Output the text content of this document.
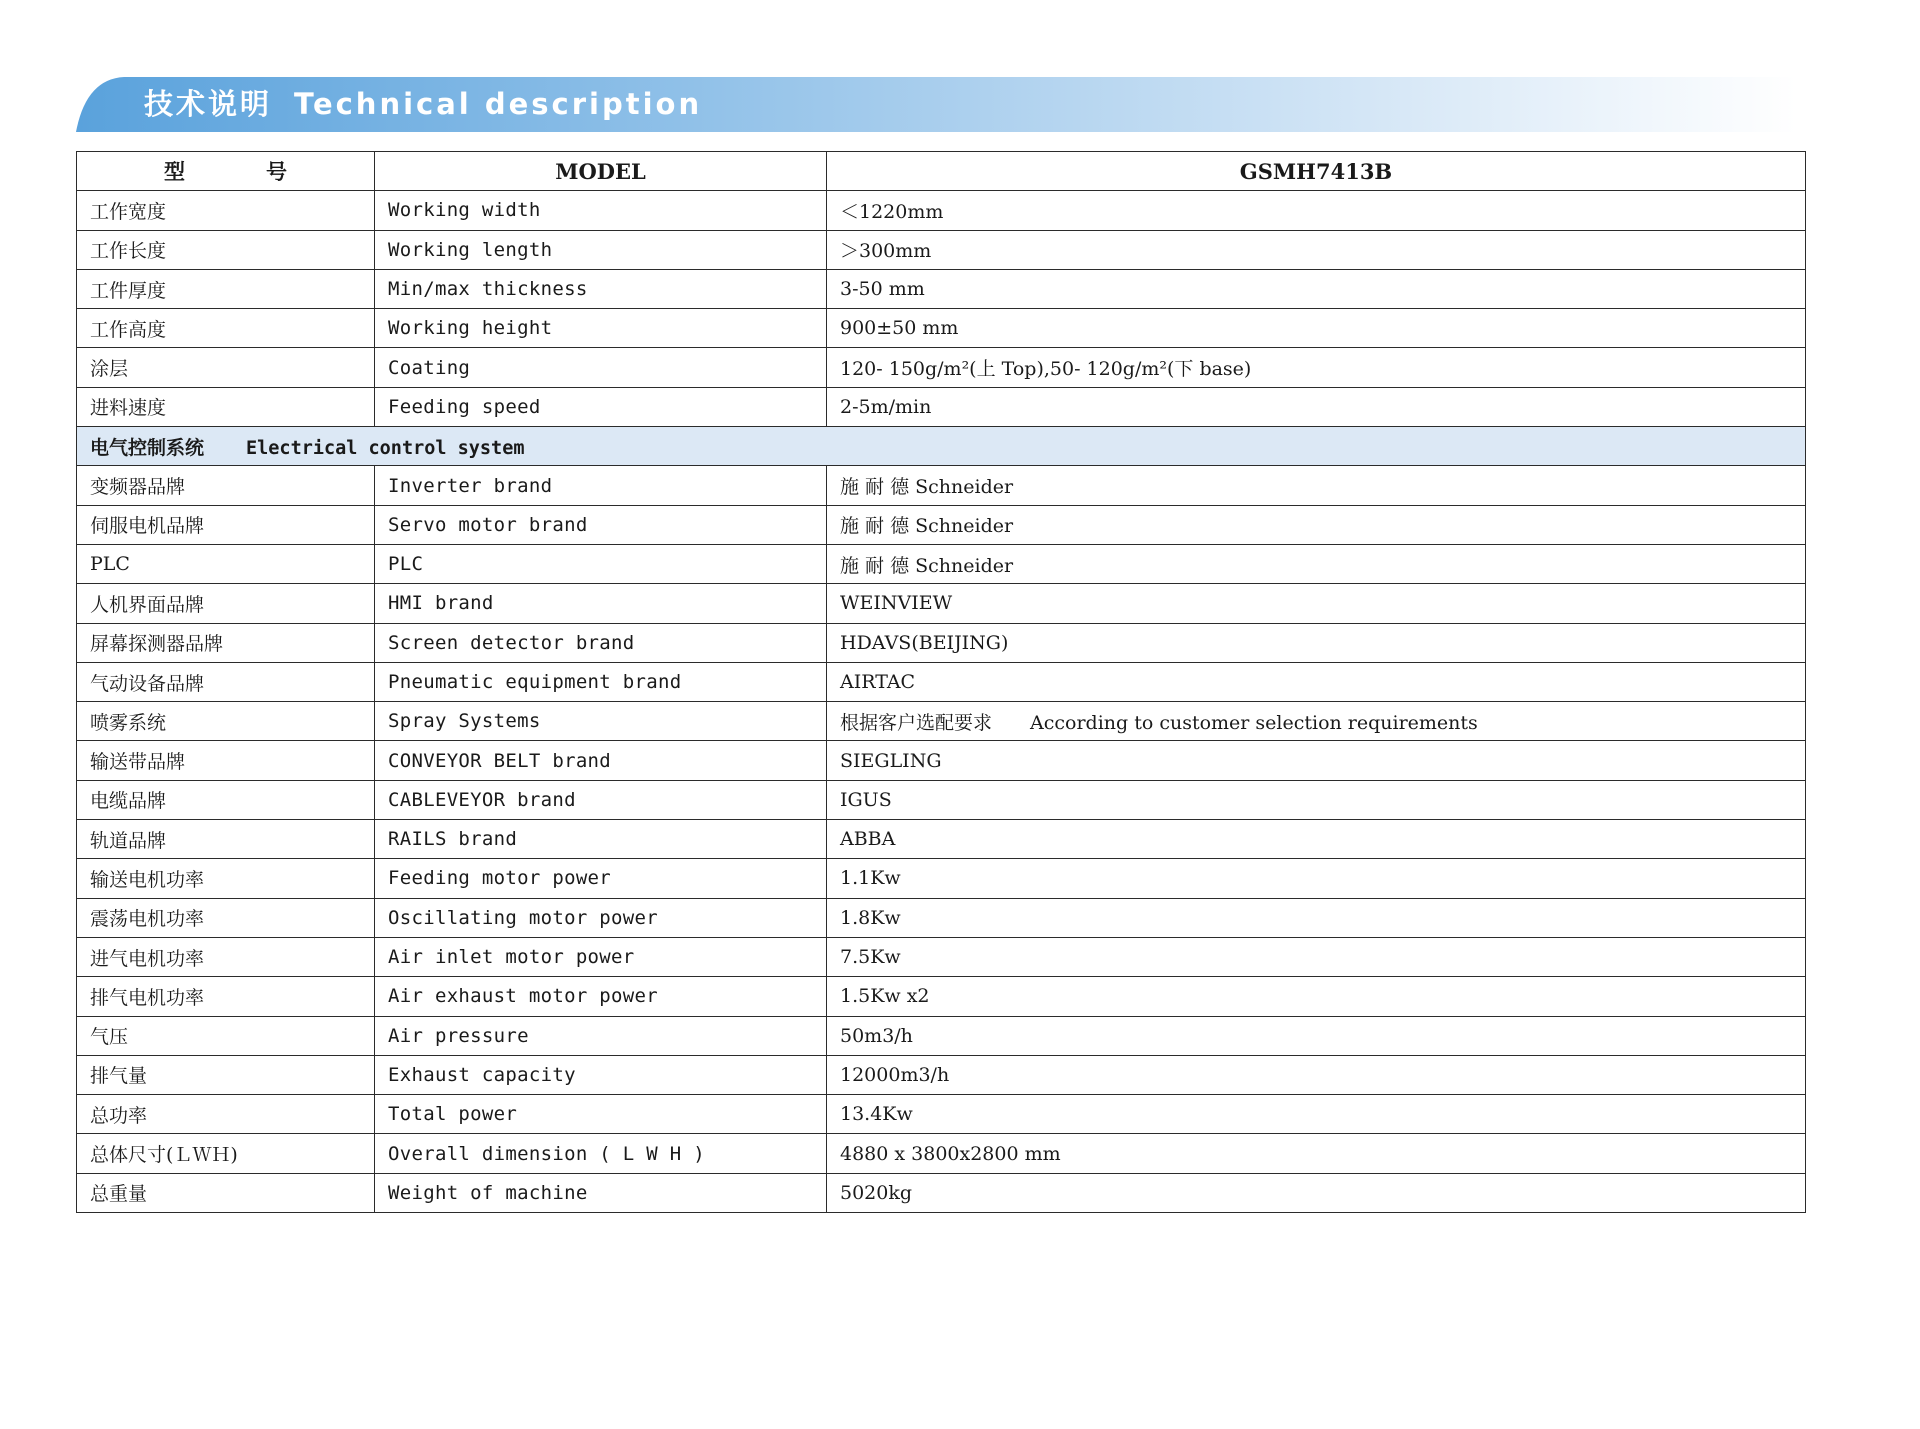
技术说明 Technical description
型　号	MODEL	GSMH7413B
工作宽度	Working width	＜1220mm
工作长度	Working length	＞300mm
工件厚度	Min/max thickness	3-50 mm
工作高度	Working height	900±50 mm
涂层	Coating	120- 150g/m²(上 Top),50- 120g/m²(下 base)
进料速度	Feeding speed	2-5m/min
电气控制系统 Electrical control system		
变频器品牌	Inverter brand	施 耐 德 Schneider
伺服电机品牌	Servo motor brand	施 耐 德 Schneider
PLC	PLC	施 耐 德 Schneider
人机界面品牌	HMI brand	WEINVIEW
屏幕探测器品牌	Screen detector brand	HDAVS(BEIJING)
气动设备品牌	Pneumatic equipment brand	AIRTAC
喷雾系统	Spray Systems	根据客户选配要求　　According to customer selection requirements
输送带品牌	CONVEYOR BELT brand	SIEGLING
电缆品牌	CABLEVEYOR brand	IGUS
轨道品牌	RAILS brand	ABBA
输送电机功率	Feeding motor power	1.1Kw
震荡电机功率	Oscillating motor power	1.8Kw
进气电机功率	Air inlet motor power	7.5Kw
排气电机功率	Air exhaust motor power	1.5Kw x2
气压	Air pressure	50m3/h
排气量	Exhaust capacity	12000m3/h
总功率	Total power	13.4Kw
总体尺寸(ＬＷＨ)	Overall dimension ( L W H )	4880 x 3800x2800 mm
总重量	Weight of machine	5020kg
